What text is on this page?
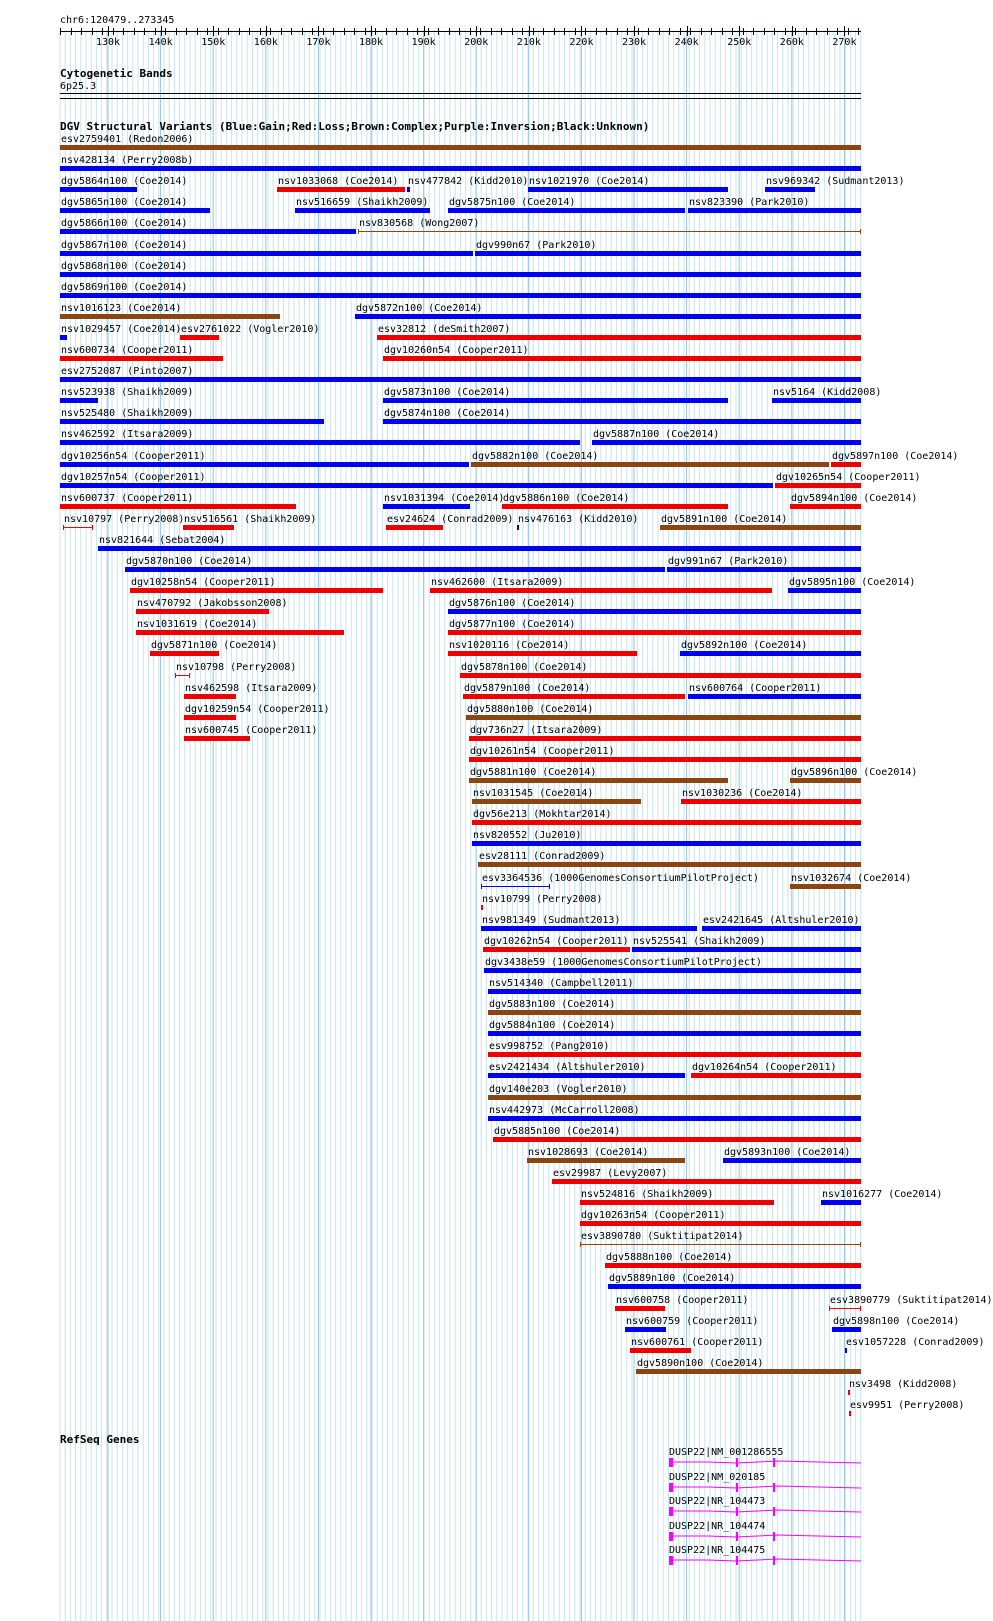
chr6:120479..273345
130k	140k	150k	160k	170k	180k	190k	200k	210k	220k	230k	240k	250k	260k	270k
Cytogenetic Bands
6p25.3
DGV Structural Variants (Blue:Gain;Red:Loss;Brown:Complex;Purple:Inversion;Black:Unknown)
esv2759401 (Redon2006)
nsv428134 (Perry2008b)
dgv5864n100 (Coe2014)	nsv1033068 (Coe2014) nsv477842 (Kidd2010) nsv1021970 (Coe2014)	nsv969342 (Sudmant2013)
dgv5865n100 (Coe2014)	nsv516659 (Shaikh2009) dgv5875n100 (Coe2014)	nsv823390 (Park2010)
dgv5866n100 (Coe2014)	nsv830568 (Wong2007)
dgv5867n100 (Coe2014)	dgv990n67 (Park2010)
dgv5868n100 (Coe2014)
dgv5869n100 (Coe2014)
nsv1016123 (Coe2014)	dgv5872n100 (Coe2014)
nsv1029457 (Coe2014) esv2761022 (Vogler2010)	esv32812 (deSmith2007)
nsv600734 (Cooper2011)	dgv10260n54 (Cooper2011)
esv2752087 (Pinto2007)
nsv523938 (Shaikh2009)	dgv5873n100 (Coe2014)	nsv5164 (Kidd2008)
nsv525480 (Shaikh2009)	dgv5874n100 (Coe2014)
nsv462592 (Itsara2009)	dgv5887n100 (Coe2014)
dgv10256n54 (Cooper2011)	dgv5882n100 (Coe2014)	dgv5897n100 (Coe2014)
dgv10257n54 (Cooper2011)	dgv10265n54 (Cooper2011)
nsv600737 (Cooper2011)	nsv1031394 (Coe2014)
dgv5886n100 (Coe2014)	dgv5894n100 (Coe2014)
nsv10797 (Perry2008) nsv516561 (Shaikh2009)	esv24624 (Conrad2009) nsv476163 (Kidd2010) dgv5891n100 (Coe2014)
nsv821644 (Sebat2004)
dgv5870n100 (Coe2014)	dgv991n67 (Park2010)
dgv10258n54 (Cooper2011)	nsv462600 (Itsara2009)	dgv5895n100 (Coe2014)
nsv470792 (Jakobsson2008)	dgv5876n100 (Coe2014)
nsv1031619 (Coe2014)	dgv5877n100 (Coe2014)
dgv5871n100 (Coe2014)	nsv1020116 (Coe2014)	dgv5892n100 (Coe2014)
nsv10798 (Perry2008)	dgv5878n100 (Coe2014)
nsv462598 (Itsara2009)	dgv5879n100 (Coe2014)	nsv600764 (Cooper2011)
dgv10259n54 (Cooper2011)	dgv5880n100 (Coe2014)
nsv600745 (Cooper2011)	dgv736n27 (Itsara2009)
dgv10261n54 (Cooper2011)
dgv5881n100 (Coe2014)	dgv5896n100 (Coe2014)
nsv1031545 (Coe2014)	nsv1030236 (Coe2014)
dgv56e213 (Mokhtar2014)
nsv820552 (Ju2010)
esv28111 (Conrad2009)
esv3364536 (1000GenomesConsortiumPilotProject)	nsv1032674 (Coe2014)
nsv10799 (Perry2008)
nsv981349 (Sudmant2013)	esv2421645 (Altshuler2010)
dgv10262n54 (Cooper2011) nsv525541 (Shaikh2009)
dgv3438e59 (1000GenomesConsortiumPilotProject)
nsv514340 (Campbell2011)
dgv5883n100 (Coe2014)
dgv5884n100 (Coe2014)
esv998752 (Pang2010)
esv2421434 (Altshuler2010)	dgv10264n54 (Cooper2011)
dgv140e203 (Vogler2010)
nsv442973 (McCarroll2008)
dgv5885n100 (Coe2014)
nsv1028693 (Coe2014)	dgv5893n100 (Coe2014)
esv29987 (Levy2007)
nsv524816 (Shaikh2009)	nsv1016277 (Coe2014)
dgv10263n54 (Cooper2011)
esv3890780 (Suktitipat2014)
dgv5888n100 (Coe2014)
dgv5889n100 (Coe2014)
nsv600758 (Cooper2011)	esv3890779 (Suktitipat2014)
nsv600759 (Cooper2011)	dgv5898n100 (Coe2014)
nsv600761 (Cooper2011)	esv1057228 (Conrad2009)
dgv5890n100 (Coe2014)
nsv3498 (Kidd2008)
esv9951 (Perry2008)
RefSeq Genes
DUSP22|NM_001286555
DUSP22|NM_020185
DUSP22|NR_104473
DUSP22|NR_104474
DUSP22|NR_104475
